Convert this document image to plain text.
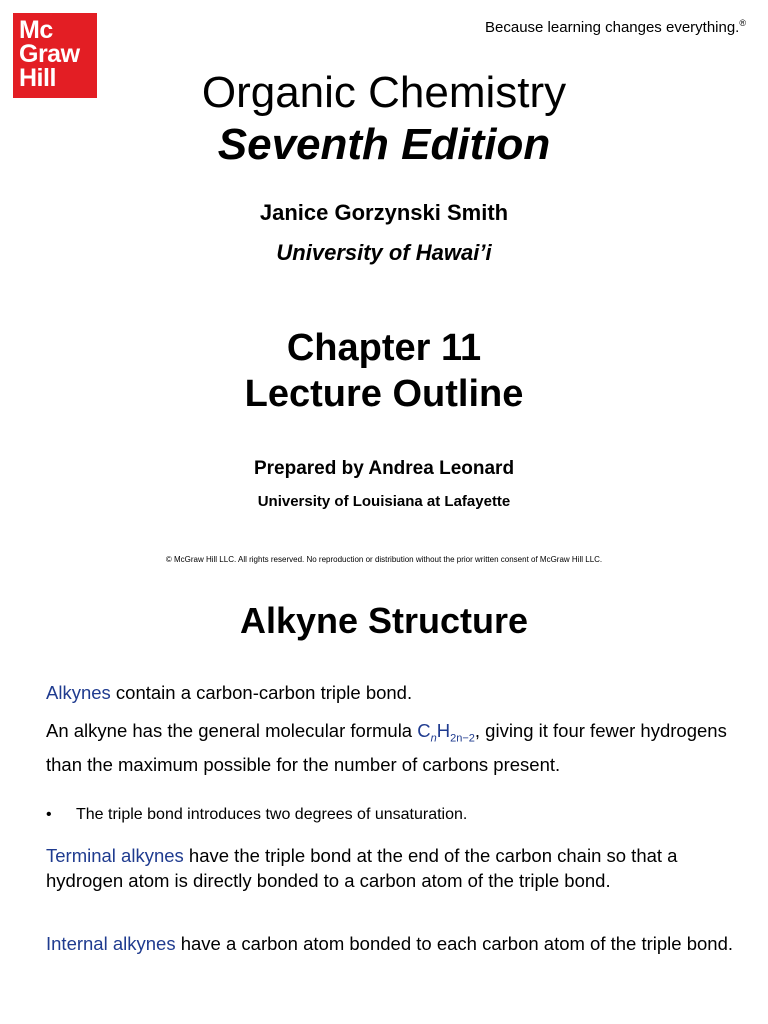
Mc
Graw
Hill
Because learning changes everything.®
Organic Chemistry
Seventh Edition
Janice Gorzynski Smith
University of Hawai’i
Chapter 11
Lecture Outline
Prepared by Andrea Leonard
University of Louisiana at Lafayette
© McGraw Hill LLC. All rights reserved. No reproduction or distribution without the prior written consent of McGraw Hill LLC.
Alkyne Structure
Alkynes contain a carbon-carbon triple bond.
An alkyne has the general molecular formula $C_nH_{2n-2}$, giving it four fewer hydrogens than the maximum possible for the number of carbons present.
• The triple bond introduces two degrees of unsaturation.
Terminal alkynes have the triple bond at the end of the carbon chain so that a hydrogen atom is directly bonded to a carbon atom of the triple bond.
Internal alkynes have a carbon atom bonded to each carbon atom of the triple bond.
